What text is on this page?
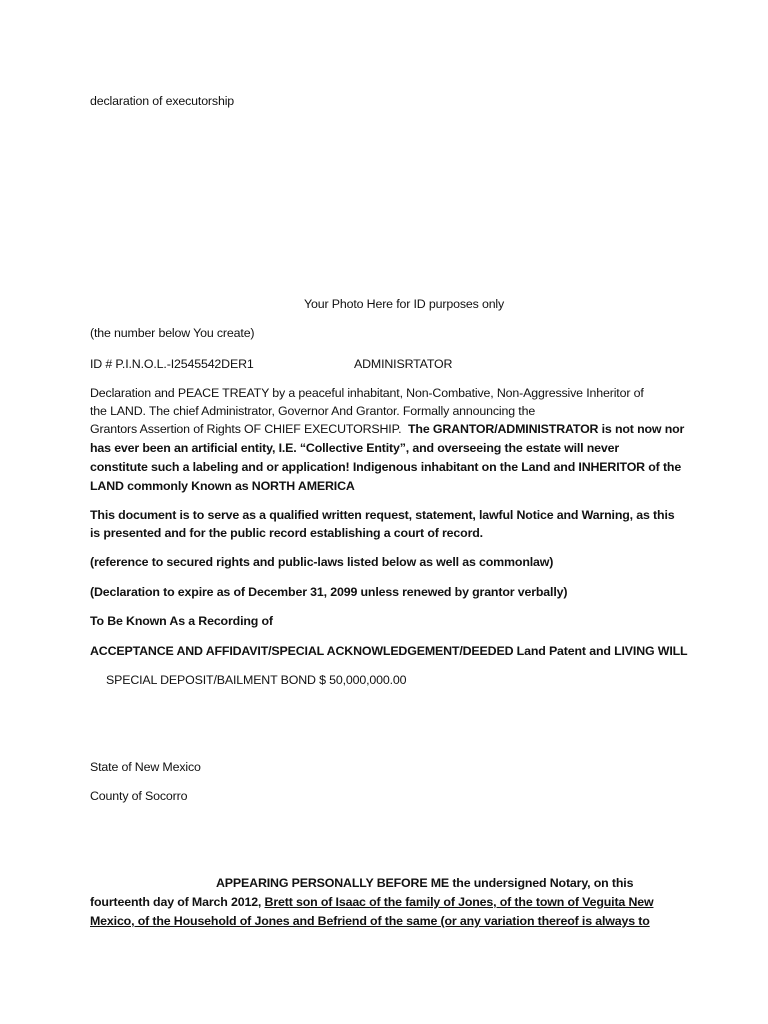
declaration of executorship
Your Photo Here for ID purposes only
(the number below You create)
ID # P.I.N.O.L.-I2545542DER1	ADMINISRTATOR
Declaration and PEACE TREATY by a peaceful inhabitant, Non-Combative, Non-Aggressive Inheritor of
the LAND. The chief Administrator, Governor And Grantor. Formally announcing the
Grantors Assertion of Rights OF CHIEF EXECUTORSHIP. The GRANTOR/ADMINISTRATOR is not now nor
has ever been an artificial entity, I.E. “Collective Entity”, and overseeing the estate will never
constitute such a labeling and or application! Indigenous inhabitant on the Land and INHERITOR of the
LAND commonly Known as NORTH AMERICA
This document is to serve as a qualified written request, statement, lawful Notice and Warning, as this
is presented and for the public record establishing a court of record.
(reference to secured rights and public-laws listed below as well as commonlaw)
(Declaration to expire as of December 31, 2099 unless renewed by grantor verbally)
To Be Known As a Recording of
ACCEPTANCE AND AFFIDAVIT/SPECIAL ACKNOWLEDGEMENT/DEEDED Land Patent and LIVING WILL
SPECIAL DEPOSIT/BAILMENT BOND $ 50,000,000.00
State of New Mexico
County of Socorro
APPEARING PERSONALLY BEFORE ME the undersigned Notary, on this
fourteenth day of March 2012, Brett son of Isaac of the family of Jones, of the town of Veguita New
Mexico, of the Household of Jones and Befriend of the same (or any variation thereof is always to
